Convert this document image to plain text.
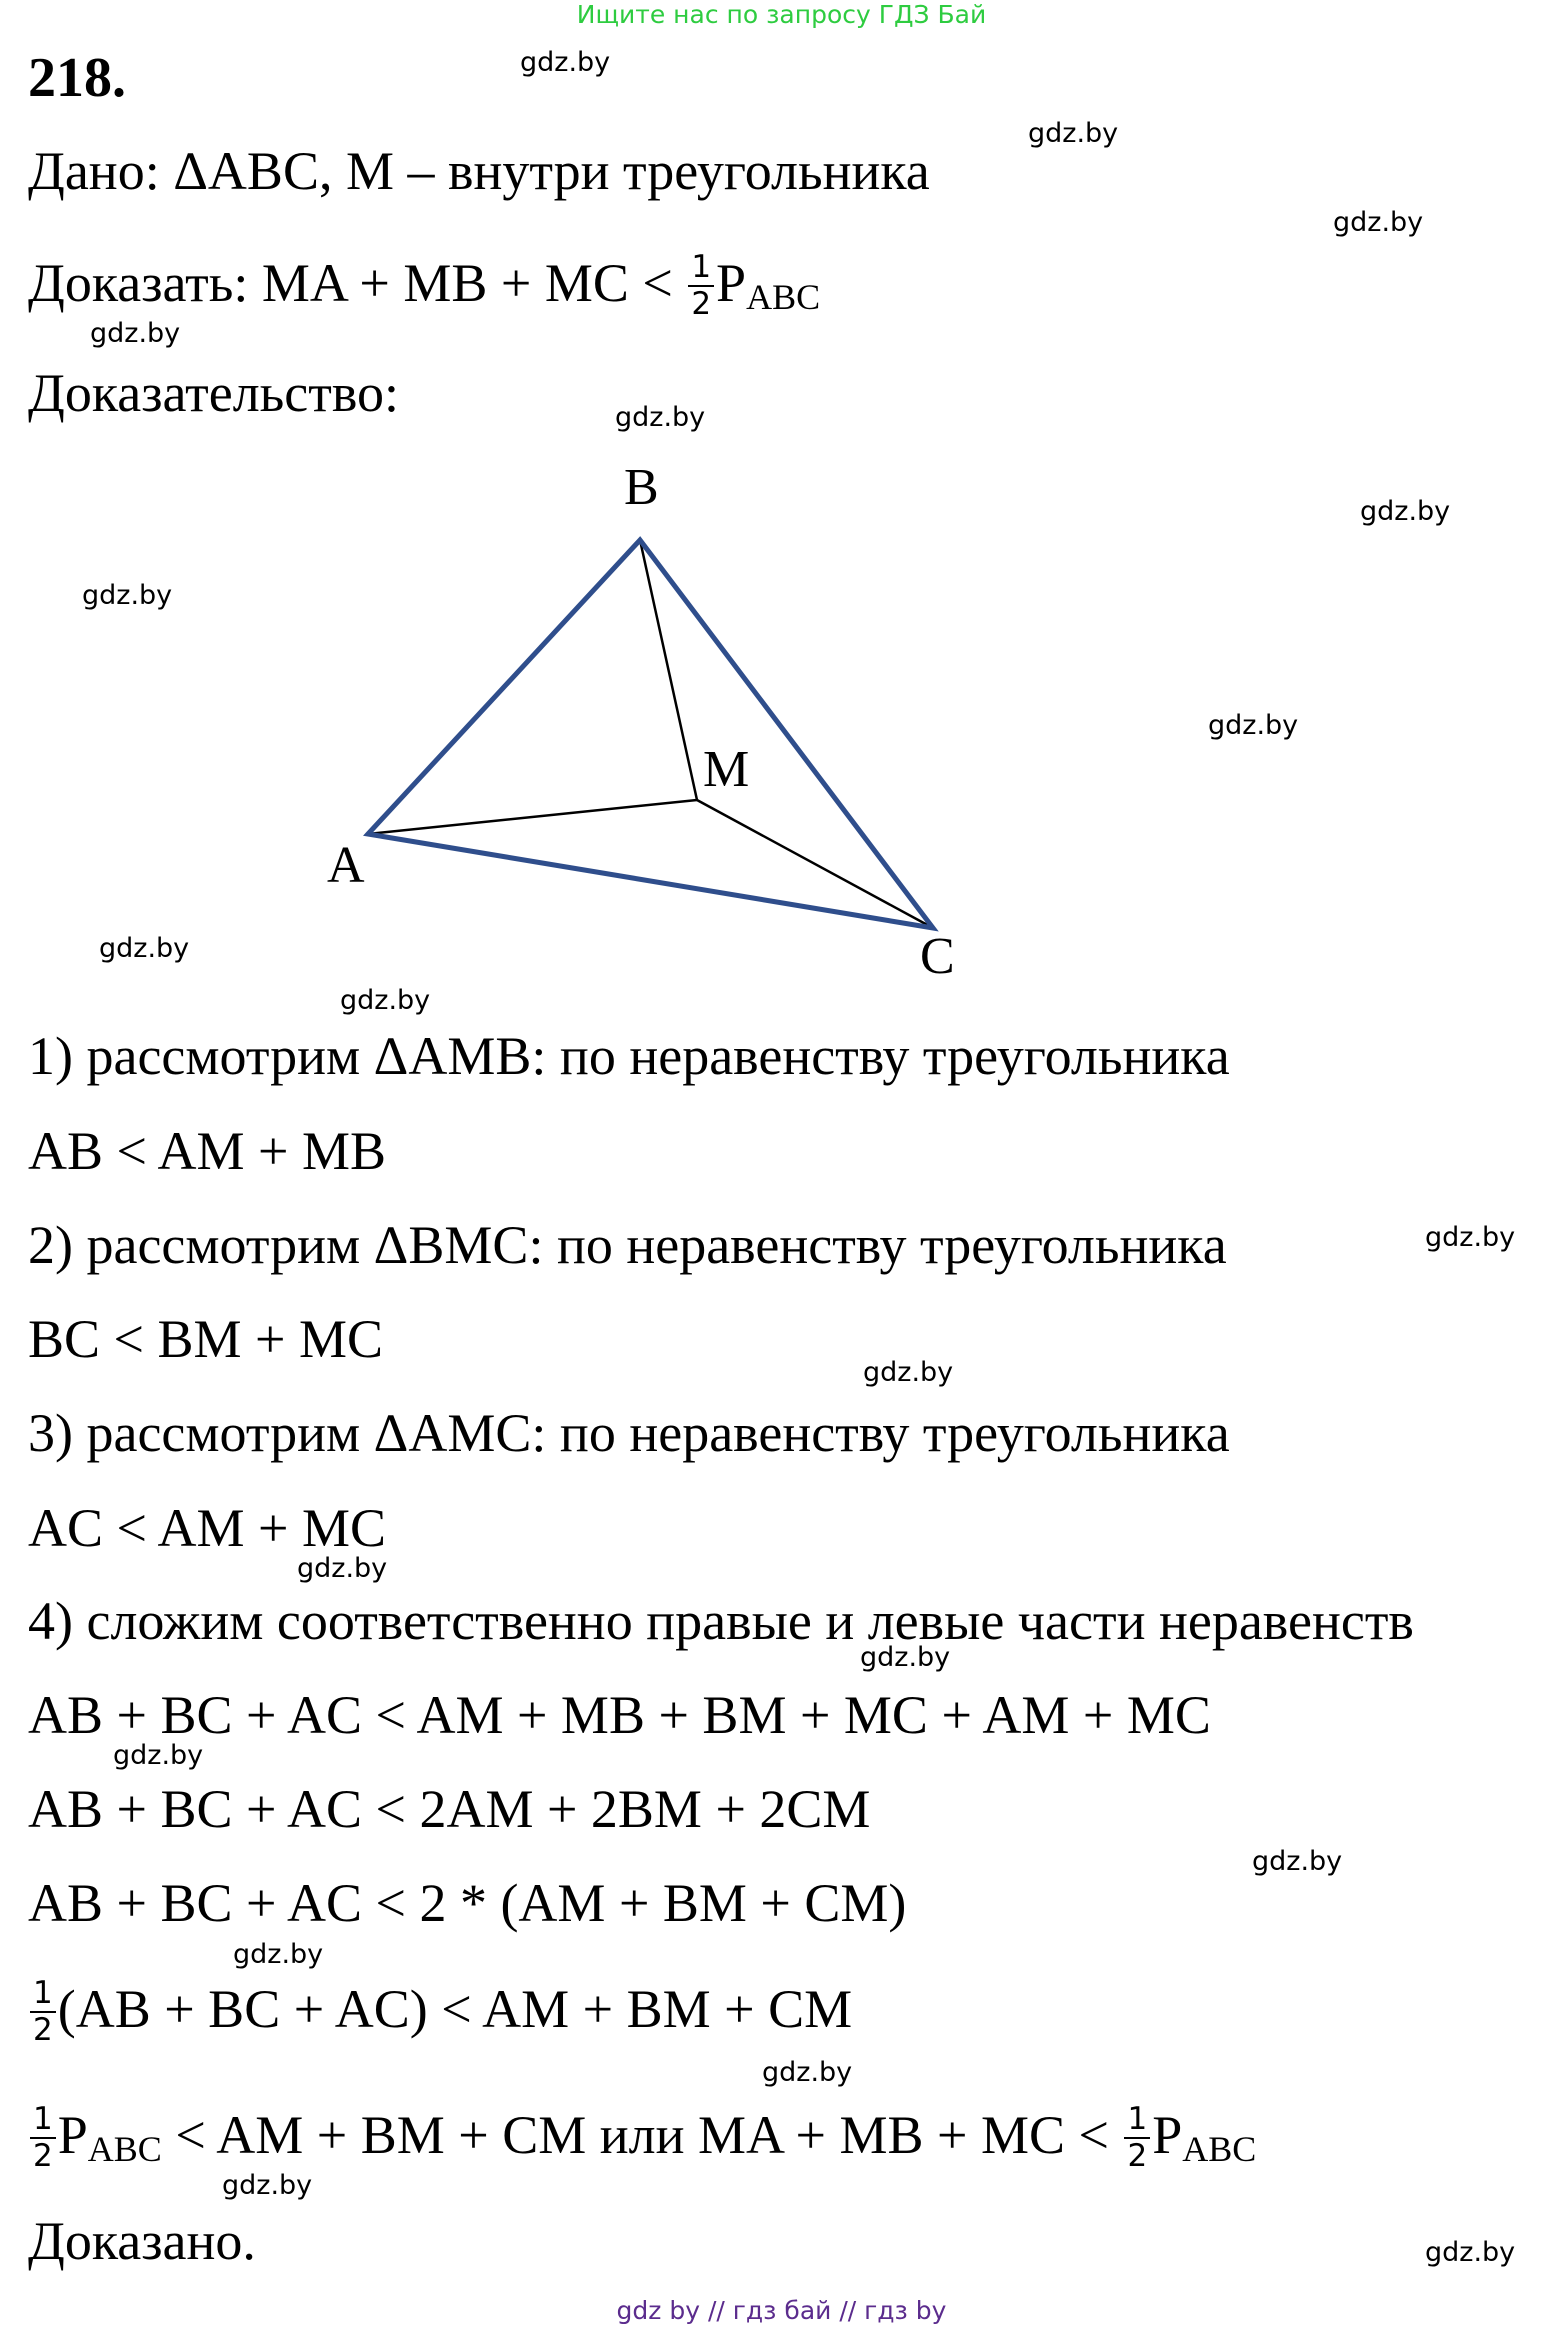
Ищите нас по запросу ГДЗ Бай
218.
Дано: ΔABC, M – внутри треугольника
Доказать: MA + MB + MC < $\frac{1}{2} P_{ABC}$
Доказательство:
B
M
A
C
1) рассмотрим ΔAMB: по неравенству треугольника
AB < AM + MB
2) рассмотрим ΔBMC: по неравенству треугольника
BC < BM + MC
3) рассмотрим ΔAMC: по неравенству треугольника
AC < AM + MC
4) сложим соответственно правые и левые части неравенств
AB + BC + AC < AM + MB + BM + MC + AM + MC
AB + BC + AC < 2AM + 2BM + 2CM
AB + BC + AC < 2 * (AM + BM + CM)
$\frac{1}{2} (AB$ + BC + AC) < AM + BM + CM
$\frac{1}{2} P_{ABC}$ < AM + BM + CM или MA + MB + MC < $\frac{1}{2} P_{ABC}$
Доказано.
gdz.by
gdz.by
gdz.by
gdz.by
gdz.by
gdz.by
gdz.by
gdz.by
gdz.by
gdz.by
gdz.by
gdz.by
gdz.by
gdz.by
gdz.by
gdz.by
gdz.by
gdz.by
gdz.by
gdz.by
gdz by // гдз бай // гдз by
